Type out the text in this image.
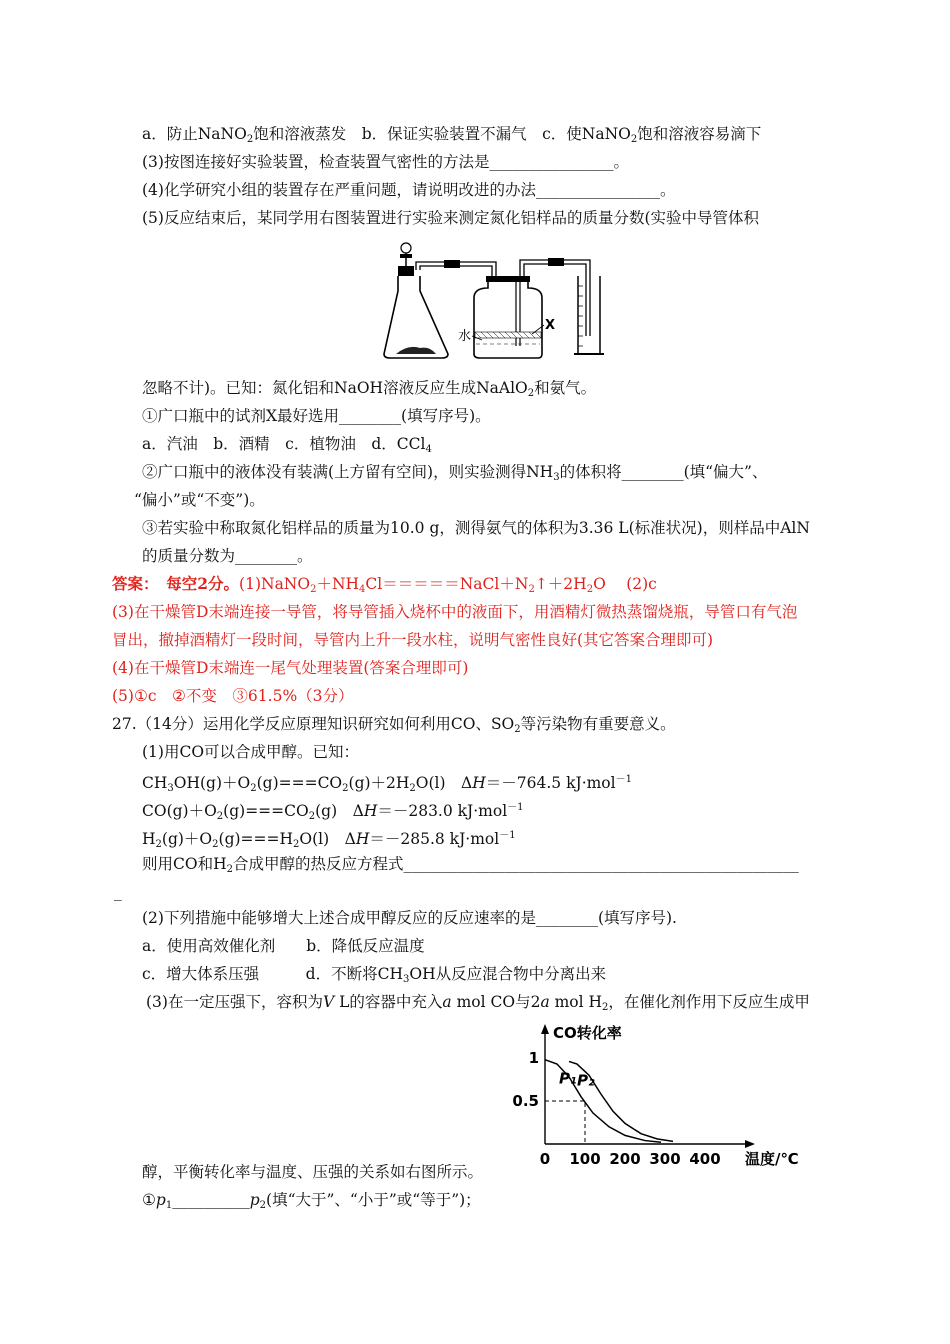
a．防止NaNO$_2$饱和溶液蒸发　b．保证实验装置不漏气　c．使NaNO$_2$饱和溶液容易滴下
(3)按图连接好实验装置，检查装置气密性的方法是________________。
(4)化学研究小组的装置存在严重问题，请说明改进的办法________________。
(5)反应结束后，某同学用右图装置进行实验来测定氮化铝样品的质量分数(实验中导管体积
水
X
忽略不计)。已知：氮化铝和NaOH溶液反应生成NaAlO$_2$和氨气。
①广口瓶中的试剂X最好选用________(填写序号)。
a．汽油　b．酒精　c．植物油　d．CCl$_4$
②广口瓶中的液体没有装满(上方留有空间)，则实验测得$NH_3$的体积将________(填“偏大”、
“偏小”或“不变”)。
③若实验中称取氮化铝样品的质量为10.0 g，测得氨气的体积为3.36 L(标准状况)，则样品中AlN
的质量分数为________。
答案：　每空2分。$(1)NaNO_2+NH_4Cl=====NaCl+N_2↑+2H_2O$　 (2)c
(3)在干燥管D末端连接一导管，将导管插入烧杯中的液面下，用酒精灯微热蒸馏烧瓶，导管口有气泡
冒出，撤掉酒精灯一段时间，导管内上升一段水柱，说明气密性良好(其它答案合理即可)
(4)在干燥管D末端连一尾气处理装置(答案合理即可)
(5)①c　②不变　③61.5%（3分）
27.（14分）运用化学反应原理知识研究如何利用CO、$SO_2$等污染物有重要意义。
(1)用CO可以合成甲醇。已知：
$CH_3OH(g)+O_2(g)===CO_2(g)+2H_2O(l)$　ΔH＝－764.5 kJ·mol$^{-1}$
$CO(g)+O_2(g)===CO_2(g)$　ΔH＝－283.0 kJ·mol$^{-1}$
$H_2(g)+O_2(g)===H_2O(l)$　ΔH＝－285.8 kJ·mol$^{-1}$
则用CO和$H_2$合成甲醇的热反应方程式___________________________________________________
_
(2)下列措施中能够增大上述合成甲醇反应的反应速率的是________(填写序号).
a．使用高效催化剂　　b．降低反应温度
c．增大体系压强　　　d．不断将$CH_3OH$从反应混合物中分离出来
(3)在一定压强下，容积为V L的容器中充入a mol CO与2a mol $H_2$，在催化剂作用下反应生成甲
CO转化率
温度/℃
0 100 200 300 400
1
0.5
P₁ P₂
醇，平衡转化率与温度、压强的关系如右图所示。
$①p_1\_\_\_\_\_\_\_\_\_\_p_2$(填“大于”、“小于”或“等于”)；
